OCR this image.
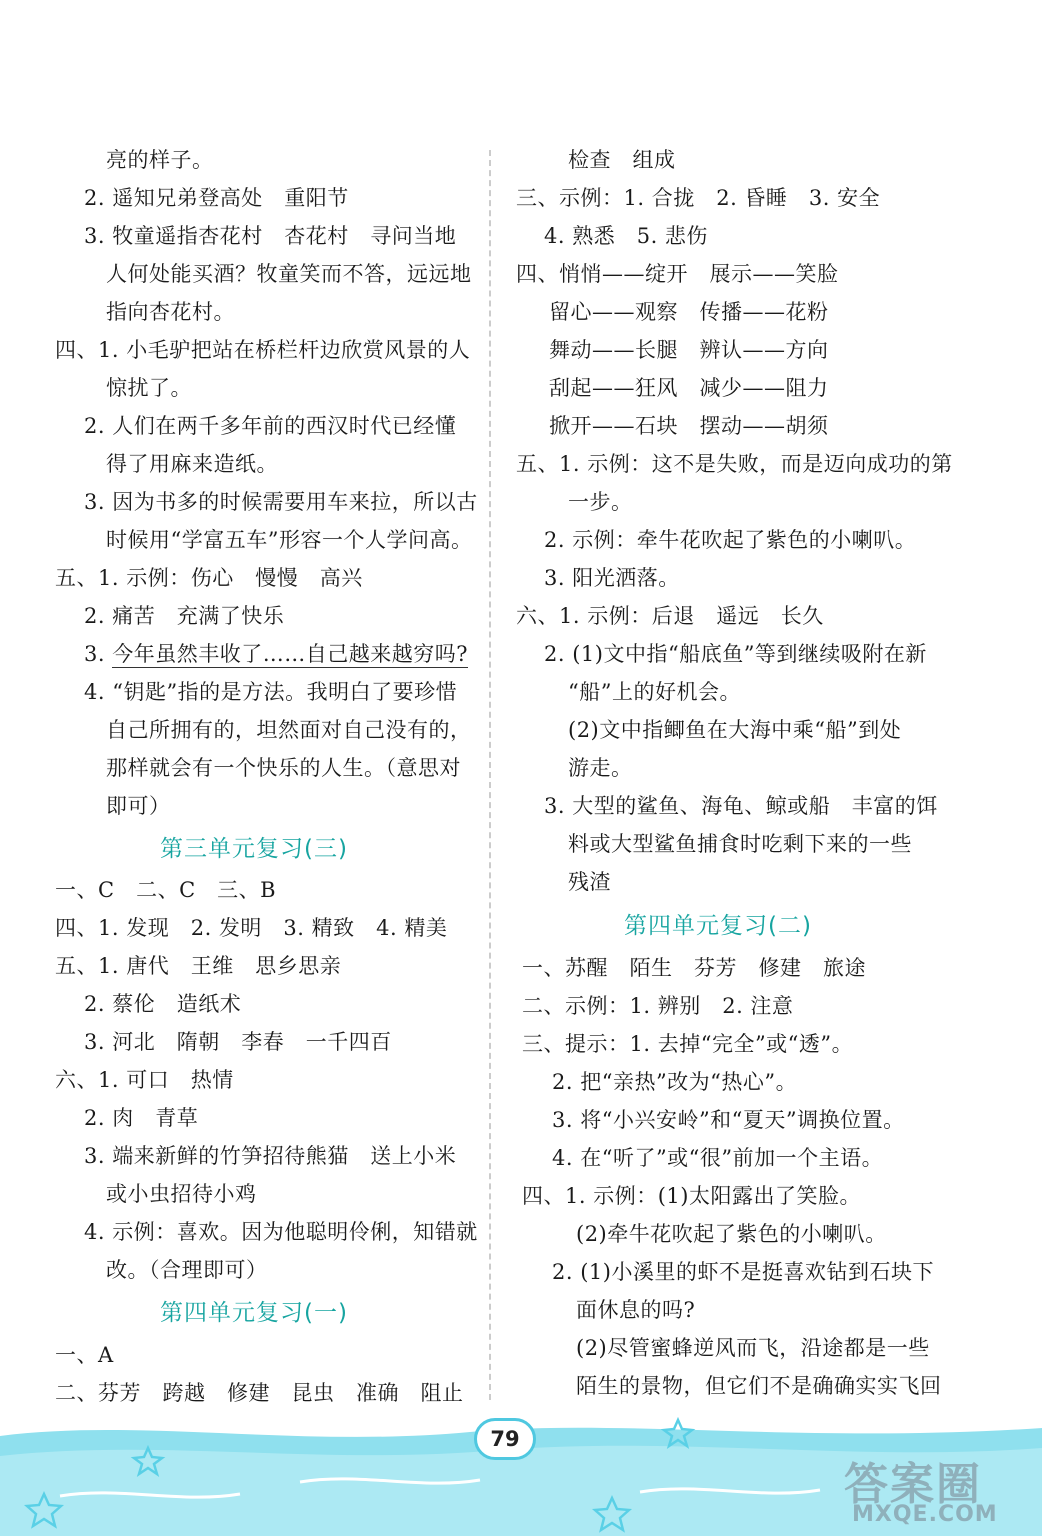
亮的样子。
2. 遥知兄弟登高处　重阳节
3. 牧童遥指杏花村　杏花村　寻问当地
人何处能买酒？牧童笑而不答，远远地
指向杏花村。
四、1. 小毛驴把站在桥栏杆边欣赏风景的人
惊扰了。
2. 人们在两千多年前的西汉时代已经懂
得了用麻来造纸。
3. 因为书多的时候需要用车来拉，所以古
时候用“学富五车”形容一个人学问高。
五、1. 示例：伤心　慢慢　高兴
2. 痛苦　充满了快乐
3. 今年虽然丰收了……自己越来越穷吗?
4. “钥匙”指的是方法。我明白了要珍惜
自己所拥有的，坦然面对自己没有的，
那样就会有一个快乐的人生。（意思对
即可）
第三单元复习(三)
一、C　二、C　三、B
四、1. 发现　2. 发明　3. 精致　4. 精美
五、1. 唐代　王维　思乡思亲
2. 蔡伦　造纸术
3. 河北　隋朝　李春　一千四百
六、1. 可口　热情
2. 肉　青草
3. 端来新鲜的竹笋招待熊猫　送上小米
或小虫招待小鸡
4. 示例：喜欢。因为他聪明伶俐，知错就
改。（合理即可）
第四单元复习(一)
一、A
二、芬芳　跨越　修建　昆虫　准确　阻止
检查　组成
三、示例：1. 合拢　2. 昏睡　3. 安全
4. 熟悉　5. 悲伤
四、悄悄——绽开　展示——笑脸
留心——观察　传播——花粉
舞动——长腿　辨认——方向
刮起——狂风　减少——阻力
掀开——石块　摆动——胡须
五、1. 示例：这不是失败，而是迈向成功的第
一步。
2. 示例：牵牛花吹起了紫色的小喇叭。
3. 阳光洒落。
六、1. 示例：后退　遥远　长久
2. (1)文中指“船底鱼”等到继续吸附在新
“船”上的好机会。
(2)文中指鲫鱼在大海中乘“船”到处
游走。
3. 大型的鲨鱼、海龟、鲸或船　丰富的饵
料或大型鲨鱼捕食时吃剩下来的一些
残渣
第四单元复习(二)
一、苏醒　陌生　芬芳　修建　旅途
二、示例：1. 辨别　2. 注意
三、提示：1. 去掉“完全”或“透”。
2. 把“亲热”改为“热心”。
3. 将“小兴安岭”和“夏天”调换位置。
4. 在“听了”或“很”前加一个主语。
四、1. 示例：(1)太阳露出了笑脸。
(2)牵牛花吹起了紫色的小喇叭。
2. (1)小溪里的虾不是挺喜欢钻到石块下
面休息的吗?
(2)尽管蜜蜂逆风而飞，沿途都是一些
陌生的景物，但它们不是确确实实飞回
79
答案圈
MXQE.COM
